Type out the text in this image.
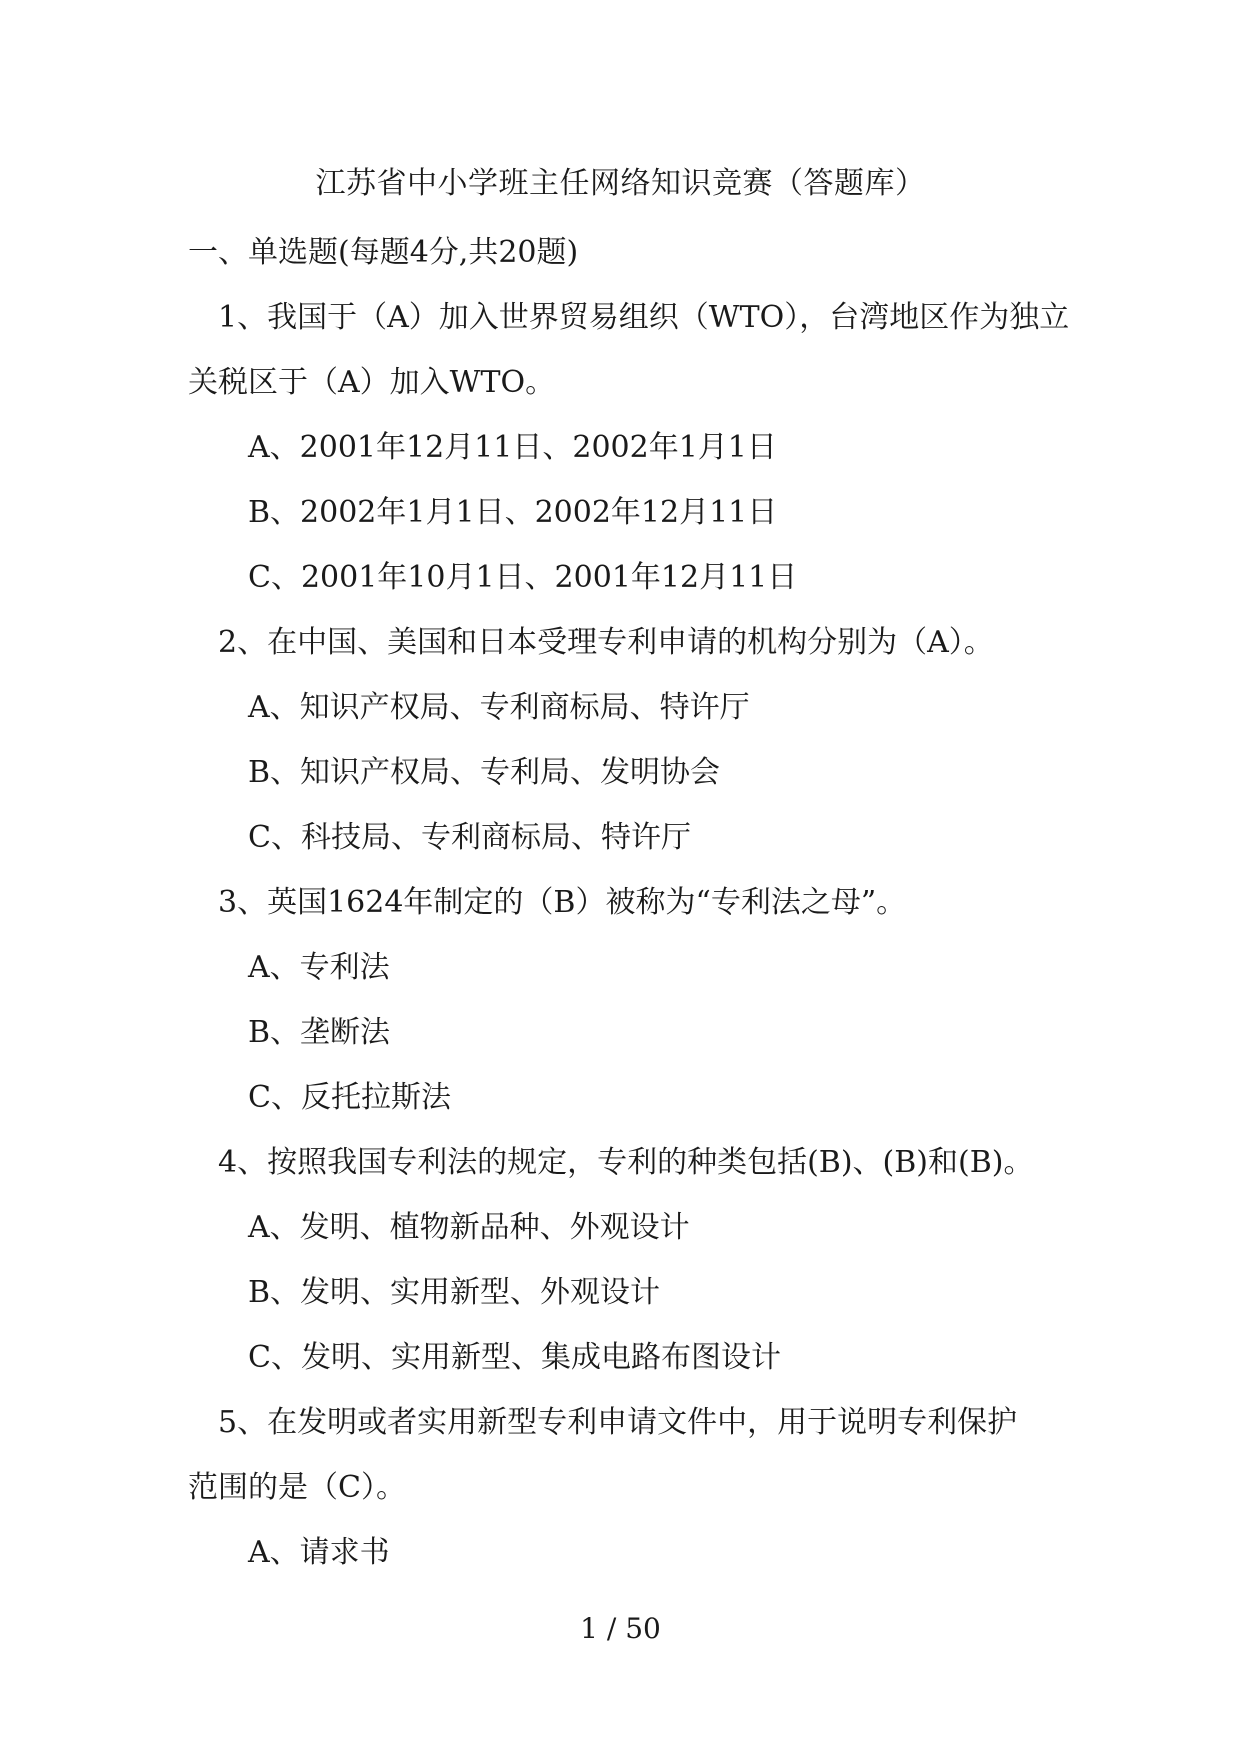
江苏省中小学班主任网络知识竞赛（答题库）
一、单选题(每题4分,共20题)
1、我国于（A）加入世界贸易组织（WTO），台湾地区作为独立
关税区于（A）加入WTO。
A、2001年12月11日、2002年1月1日
B、2002年1月1日、2002年12月11日
C、2001年10月1日、2001年12月11日
2、在中国、美国和日本受理专利申请的机构分别为（A）。
A、知识产权局、专利商标局、特许厅
B、知识产权局、专利局、发明协会
C、科技局、专利商标局、特许厅
3、英国1624年制定的（B）被称为“专利法之母”。
A、专利法
B、垄断法
C、反托拉斯法
4、按照我国专利法的规定，专利的种类包括(B)、(B)和(B)。
A、发明、植物新品种、外观设计
B、发明、实用新型、外观设计
C、发明、实用新型、集成电路布图设计
5、在发明或者实用新型专利申请文件中，用于说明专利保护
范围的是（C）。
A、请求书
1 / 50
